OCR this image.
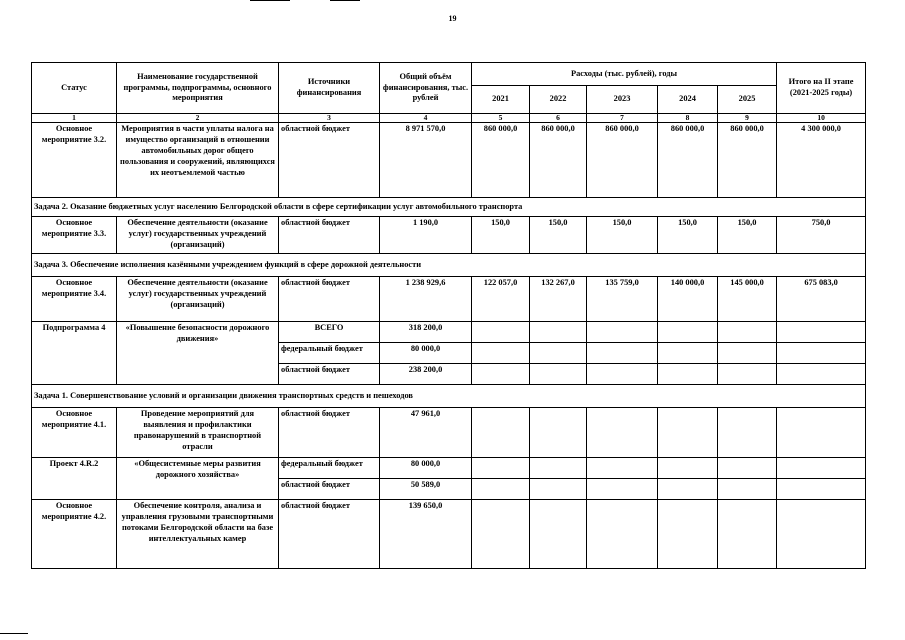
19
Статус	Наименование государственной программы, подпрограммы, основного мероприятия	Источники финансирования	Общий объём финансирования, тыс. рублей	Расходы (тыс. рублей), годы					Итого на II этапе (2021-2025 годы)
				2021	2022	2023	2024	2025	
1	2	3	4	5	6	7	8	9	10
Основное мероприятие 3.2.	Мероприятия в части уплаты налога на имущество организаций в отношении автомобильных дорог общего пользования и сооружений, являющихся их неотъемлемой частью	областной бюджет	8 971 570,0	860 000,0	860 000,0	860 000,0	860 000,0	860 000,0	4 300 000,0
Задача 2. Оказание бюджетных услуг населению Белгородской области в сфере сертификации услуг автомобильного транспорта									
Основное мероприятие 3.3.	Обеспечение деятельности (оказание услуг) государственных учреждений (организаций)	областной бюджет	1 190,0	150,0	150,0	150,0	150,0	150,0	750,0
Задача 3. Обеспечение исполнения казёнными учреждением функций в сфере дорожной деятельности									
Основное мероприятие 3.4.	Обеспечение деятельности (оказание услуг) государственных учреждений (организаций)	областной бюджет	1 238 929,6	122 057,0	132 267,0	135 759,0	140 000,0	145 000,0	675 083,0
Подпрограмма 4	«Повышение безопасности дорожного движения»	ВСЕГО	318 200,0						
		федеральный бюджет	80 000,0						
		областной бюджет	238 200,0						
Задача 1. Совершенствование условий и организации движения транспортных средств и пешеходов									
Основное мероприятие 4.1.	Проведение мероприятий для выявления и профилактики правонарушений в транспортной отрасли	областной бюджет	47 961,0						
Проект 4.R.2	«Общесистемные меры развития дорожного хозяйства»	федеральный бюджет	80 000,0						
		областной бюджет	50 589,0						
Основное мероприятие 4.2.	Обеспечение контроля, анализа и управления грузовыми транспортными потоками Белгородской области на базе интеллектуальных камер	областной бюджет	139 650,0						
